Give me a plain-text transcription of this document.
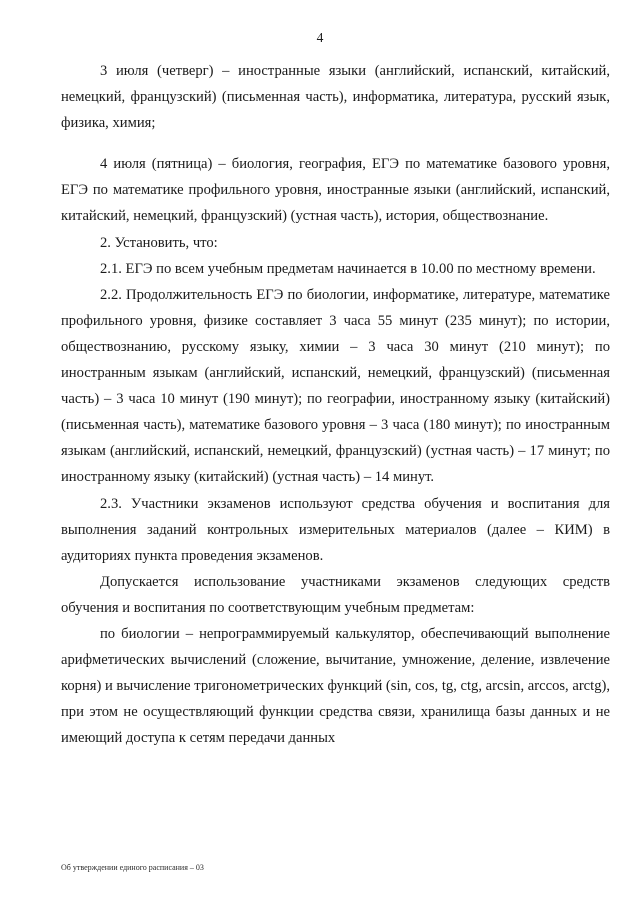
4

3 июля (четверг) – иностранные языки (английский, испанский, китайский, немецкий, французский) (письменная часть), информатика, литература, русский язык, физика, химия;

4 июля (пятница) – биология, география, ЕГЭ по математике базового уровня, ЕГЭ по математике профильного уровня, иностранные языки (английский, испанский, китайский, немецкий, французский) (устная часть), история, обществознание.

2. Установить, что:

2.1. ЕГЭ по всем учебным предметам начинается в 10.00 по местному времени.

2.2. Продолжительность ЕГЭ по биологии, информатике, литературе, математике профильного уровня, физике составляет 3 часа 55 минут (235 минут); по истории, обществознанию, русскому языку, химии – 3 часа 30 минут (210 минут); по иностранным языкам (английский, испанский, немецкий, французский) (письменная часть) – 3 часа 10 минут (190 минут); по географии, иностранному языку (китайский) (письменная часть), математике базового уровня – 3 часа (180 минут); по иностранным языкам (английский, испанский, немецкий, французский) (устная часть) – 17 минут; по иностранному языку (китайский) (устная часть) – 14 минут.

2.3. Участники экзаменов используют средства обучения и воспитания для выполнения заданий контрольных измерительных материалов (далее – КИМ) в аудиториях пункта проведения экзаменов.

Допускается использование участниками экзаменов следующих средств обучения и воспитания по соответствующим учебным предметам:

по биологии – непрограммируемый калькулятор, обеспечивающий выполнение арифметических вычислений (сложение, вычитание, умножение, деление, извлечение корня) и вычисление тригонометрических функций (sin, cos, tg, ctg, arcsin, arccos, arctg), при этом не осуществляющий функции средства связи, хранилища базы данных и не имеющий доступа к сетям передачи данных

Об утверждении единого расписания – 03
